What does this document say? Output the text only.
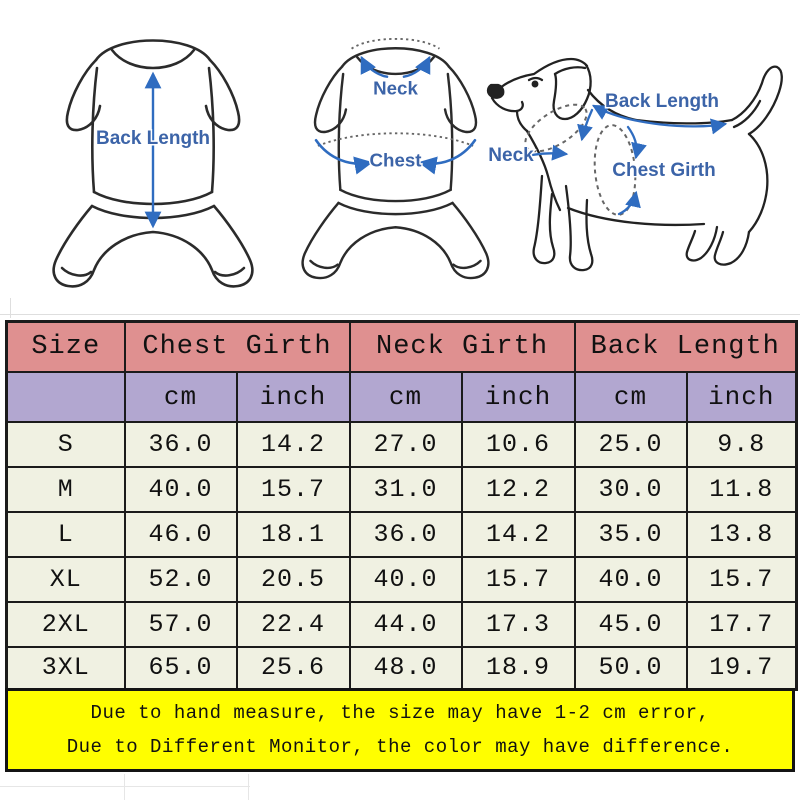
Back Length
Neck
Chest
Back Length
Neck
Chest Girth
Size	Chest Girth		Neck Girth		Back Length	
	cm	inch	cm	inch	cm	inch
S	36.0	14.2	27.0	10.6	25.0	9.8
M	40.0	15.7	31.0	12.2	30.0	11.8
L	46.0	18.1	36.0	14.2	35.0	13.8
XL	52.0	20.5	40.0	15.7	40.0	15.7
2XL	57.0	22.4	44.0	17.3	45.0	17.7
3XL	65.0	25.6	48.0	18.9	50.0	19.7
Due to hand measure, the size may have 1-2 cm error,
Due to Different Monitor, the color may have difference.
